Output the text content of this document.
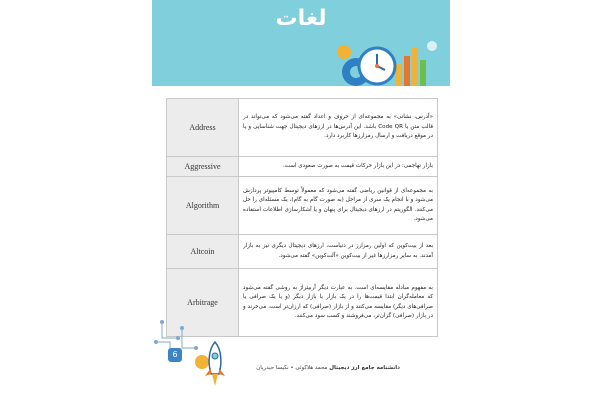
لغات
Address	«آدرس، نشانی» به مجموعه‌ای از حروف و اعداد گفته می‌شود که می‌تواند در قالب متن یا Code QR باشد. این آدرس‌ها در ارزهای دیجیتال جهت شناسایی و یا در موقع دریافت و ارسال رمزارزها کاربرد دارد.
Aggressive	بازار تهاجمی: در این بازار حرکات قیمت به صورت صعودی است.
Algorithm	به مجموعه‌ای از قوانین ریاضی گفته می‌شود که معمولاً توسط کامپیوتر پردازش می‌شود و با انجام یک سری از مراحل (به صورت گام به گام)، یک مسئله‌ای را حل می‌کنند. الگوریتم در ارزهای دیجیتال برای پنهان و یا آشکارسازی اطلاعات استفاده می‌شود.
Altcoin	بعد از بیت‌کوین که اولین رمزارز در دنیاست، ارزهای دیجیتال دیگری نیز به بازار آمدند. به سایر رمزارزها غیر از بیت‌کوین «آلت‌کوین» گفته می‌شود.
Arbitrage	به مفهوم مبادله مقایسه‌ای است. به عبارت دیگر آربیتراژ به روشی گفته می‌شود که معامله‌گران ابتدا قیمت‌ها را در یک بازار یا بازار دیگر (و یا یک صرافی یا صرافی‌های دیگر) مقایسه می‌کنند و از بازار (صرافی) که ارزان‌تر است، می‌خرند و در بازار (صرافی) گران‌تر، می‌فروشند و کسب سود می‌کنند.
6
دانشنامه جامع ارز دیجیتال محمد هلاکوئی • نکیسا حیدریان
